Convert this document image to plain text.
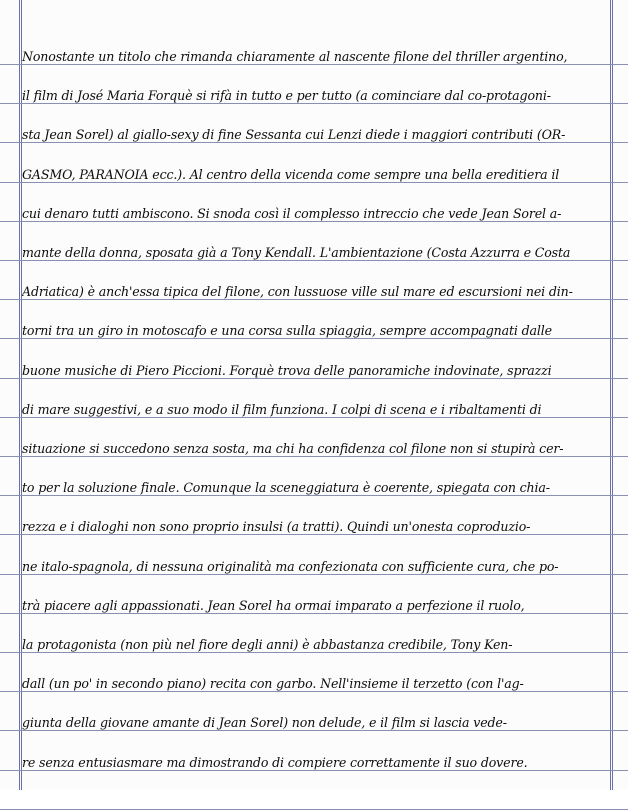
Nonostante un titolo che rimanda chiaramente al nascente filone del thriller argentino,
il film di José Maria Forquè si rifà in tutto e per tutto (a cominciare dal co-protagoni-
sta Jean Sorel) al giallo-sexy di fine Sessanta cui Lenzi diede i maggiori contributi (OR-
GASMO, PARANOIA ecc.). Al centro della vicenda come sempre una bella ereditiera il
cui denaro tutti ambiscono. Si snoda così il complesso intreccio che vede Jean Sorel a-
mante della donna, sposata già a Tony Kendall. L'ambientazione (Costa Azzurra e Costa
Adriatica) è anch'essa tipica del filone, con lussuose ville sul mare ed escursioni nei din-
torni tra un giro in motoscafo e una corsa sulla spiaggia, sempre accompagnati dalle
buone musiche di Piero Piccioni. Forquè trova delle panoramiche indovinate, sprazzi
di mare suggestivi, e a suo modo il film funziona. I colpi di scena e i ribaltamenti di
situazione si succedono senza sosta, ma chi ha confidenza col filone non si stupirà cer-
to per la soluzione finale. Comunque la sceneggiatura è coerente, spiegata con chia-
rezza e i dialoghi non sono proprio insulsi (a tratti). Quindi un'onesta coproduzio-
ne italo-spagnola, di nessuna originalità ma confezionata con sufficiente cura, che po-
trà piacere agli appassionati. Jean Sorel ha ormai imparato a perfezione il ruolo,
la protagonista (non più nel fiore degli anni) è abbastanza credibile, Tony Ken-
dall (un po' in secondo piano) recita con garbo. Nell'insieme il terzetto (con l'ag-
giunta della giovane amante di Jean Sorel) non delude, e il film si lascia vede-
re senza entusiasmare ma dimostrando di compiere correttamente il suo dovere.
